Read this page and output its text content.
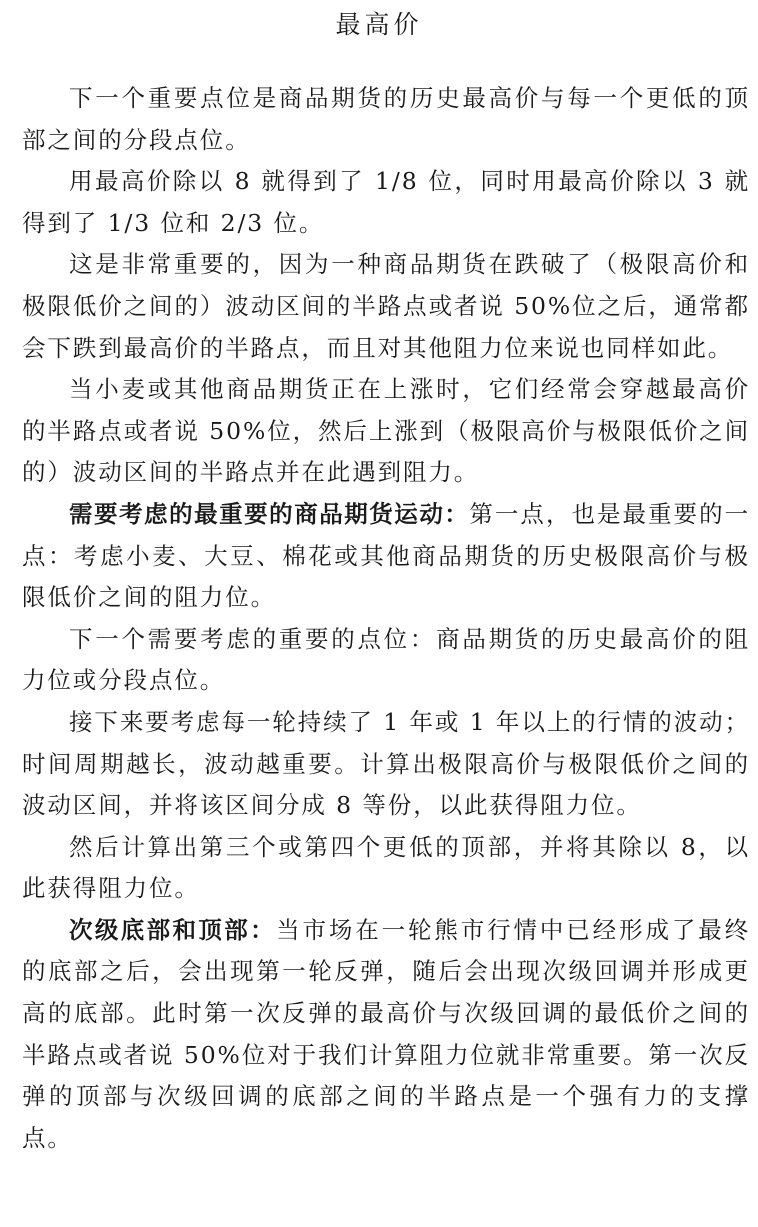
最高价

下一个重要点位是商品期货的历史最高价与每一个更低的顶部之间的分段点位。

用最高价除以 8 就得到了 1/8 位，同时用最高价除以 3 就得到了 1/3 位和 2/3 位。

这是非常重要的，因为一种商品期货在跌破了（极限高价和极限低价之间的）波动区间的半路点或者说 50%位之后，通常都会下跌到最高价的半路点，而且对其他阻力位来说也同样如此。

当小麦或其他商品期货正在上涨时，它们经常会穿越最高价的半路点或者说 50%位，然后上涨到（极限高价与极限低价之间的）波动区间的半路点并在此遇到阻力。

需要考虑的最重要的商品期货运动：第一点，也是最重要的一点：考虑小麦、大豆、棉花或其他商品期货的历史极限高价与极限低价之间的阻力位。

下一个需要考虑的重要的点位：商品期货的历史最高价的阻力位或分段点位。

接下来要考虑每一轮持续了 1 年或 1 年以上的行情的波动；时间周期越长，波动越重要。计算出极限高价与极限低价之间的波动区间，并将该区间分成 8 等份，以此获得阻力位。

然后计算出第三个或第四个更低的顶部，并将其除以 8，以此获得阻力位。

次级底部和顶部：当市场在一轮熊市行情中已经形成了最终的底部之后，会出现第一轮反弹，随后会出现次级回调并形成更高的底部。此时第一次反弹的最高价与次级回调的最低价之间的半路点或者说 50%位对于我们计算阻力位就非常重要。第一次反弹的顶部与次级回调的底部之间的半路点是一个强有力的支撑点。
